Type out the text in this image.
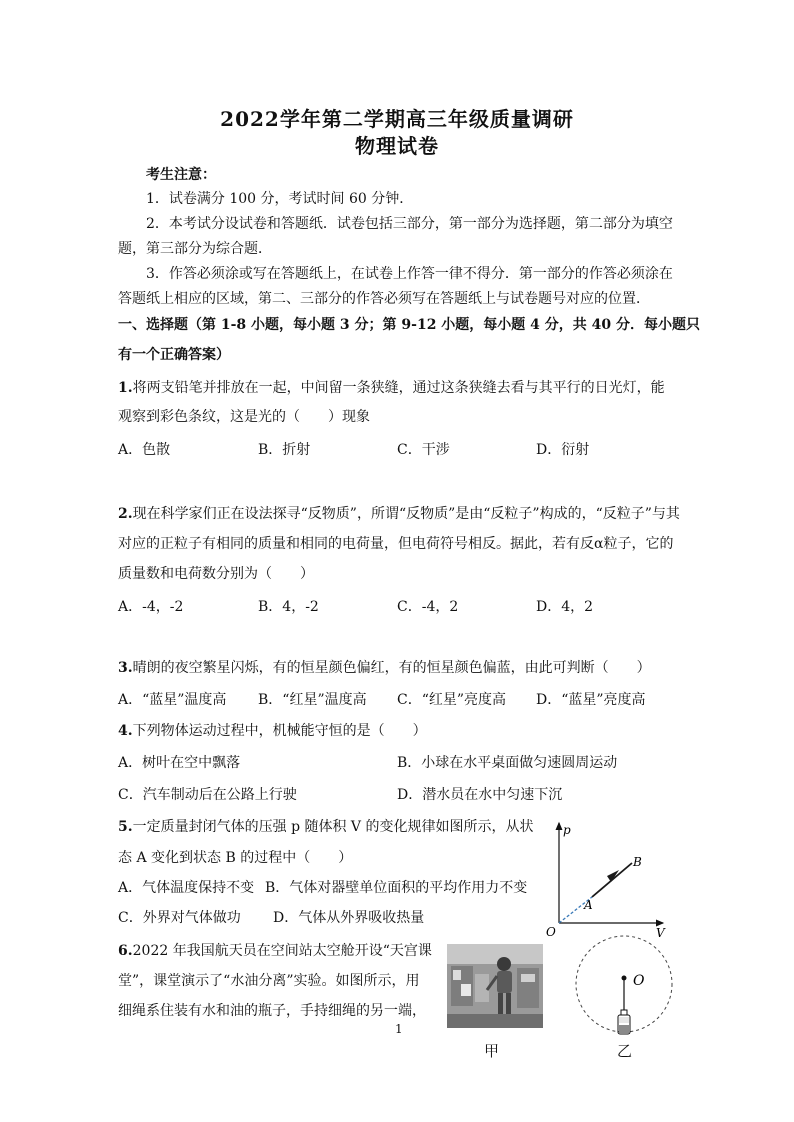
2022学年第二学期高三年级质量调研
物理试卷
考生注意：
1．试卷满分 100 分，考试时间 60 分钟．
2．本考试分设试卷和答题纸．试卷包括三部分，第一部分为选择题，第二部分为填空
题，第三部分为综合题．
3．作答必须涂或写在答题纸上，在试卷上作答一律不得分．第一部分的作答必须涂在
答题纸上相应的区域，第二、三部分的作答必须写在答题纸上与试卷题号对应的位置．
一、选择题（第 1-8 小题，每小题 3 分；第 9-12 小题，每小题 4 分，共 40 分．每小题只
有一个正确答案）
1.将两支铅笔并排放在一起，中间留一条狭缝，通过这条狭缝去看与其平行的日光灯，能
观察到彩色条纹，这是光的（　　）现象
A．色散	B．折射	C．干涉	D．衍射
2.现在科学家们正在设法探寻“反物质”，所谓“反物质”是由“反粒子”构成的，“反粒子”与其
对应的正粒子有相同的质量和相同的电荷量，但电荷符号相反。据此，若有反α粒子，它的
质量数和电荷数分别为（　　）
A．-4，-2	B．4，-2	C．-4，2	D．4，2
3.晴朗的夜空繁星闪烁，有的恒星颜色偏红，有的恒星颜色偏蓝，由此可判断（　　）
A．“蓝星”温度高 B．“红星”温度高 C．“红星”亮度高 D．“蓝星”亮度高
4.下列物体运动过程中，机械能守恒的是（　　）
A．树叶在空中飘落	B．小球在水平桌面做匀速圆周运动
C．汽车制动后在公路上行驶	D．潜水员在水中匀速下沉
5.一定质量封闭气体的压强 p 随体积 V 的变化规律如图所示，从状
态 A 变化到状态 B 的过程中（　　）
A．气体温度保持不变 B．气体对器壁单位面积的平均作用力不变
C．外界对气体做功 D．气体从外界吸收热量
p
V
O
A
B
6.2022 年我国航天员在空间站太空舱开设“天宫课
堂”，课堂演示了“水油分离”实验。如图所示，用
细绳系住装有水和油的瓶子，手持细绳的另一端，
甲
O
乙
1
